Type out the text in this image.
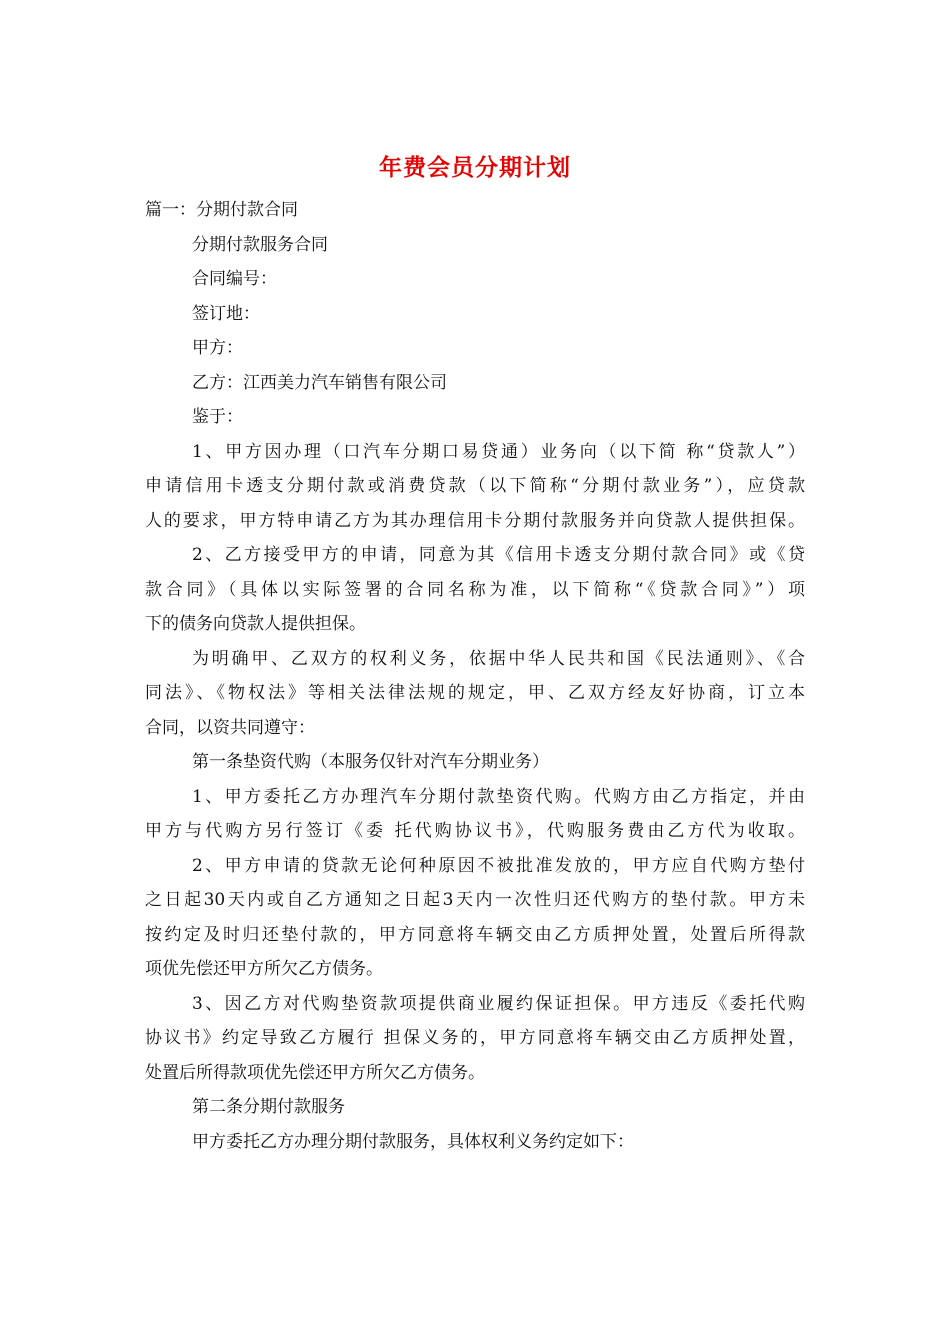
年费会员分期计划
篇一：分期付款合同
分期付款服务合同
合同编号：
签订地：
甲方：
乙方：江西美力汽车销售有限公司
鉴于：
1、甲方因办理（口汽车分期口易贷通）业务向（以下简 称“贷款人”）
申请信用卡透支分期付款或消费贷款（以下简称“分期付款业务”），应贷款
人的要求，甲方特申请乙方为其办理信用卡分期付款服务并向贷款人提供担保。
2、乙方接受甲方的申请，同意为其《信用卡透支分期付款合同》或《贷
款合同》（具体以实际签署的合同名称为准，以下简称“《贷款合同》”）项
下的债务向贷款人提供担保。
为明确甲、乙双方的权利义务，依据中华人民共和国《民法通则》、《合
同法》、《物权法》等相关法律法规的规定，甲、乙双方经友好协商，订立本
合同，以资共同遵守：
第一条垫资代购（本服务仅针对汽车分期业务）
1、甲方委托乙方办理汽车分期付款垫资代购。代购方由乙方指定，并由
甲方与代购方另行签订《委 托代购协议书》，代购服务费由乙方代为收取。
2、甲方申请的贷款无论何种原因不被批准发放的，甲方应自代购方垫付
之日起30天内或自乙方通知之日起3天内一次性归还代购方的垫付款。甲方未
按约定及时归还垫付款的，甲方同意将车辆交由乙方质押处置，处置后所得款
项优先偿还甲方所欠乙方债务。
3、因乙方对代购垫资款项提供商业履约保证担保。甲方违反《委托代购
协议书》约定导致乙方履行 担保义务的，甲方同意将车辆交由乙方质押处置，
处置后所得款项优先偿还甲方所欠乙方债务。
第二条分期付款服务
甲方委托乙方办理分期付款服务，具体权利义务约定如下：
